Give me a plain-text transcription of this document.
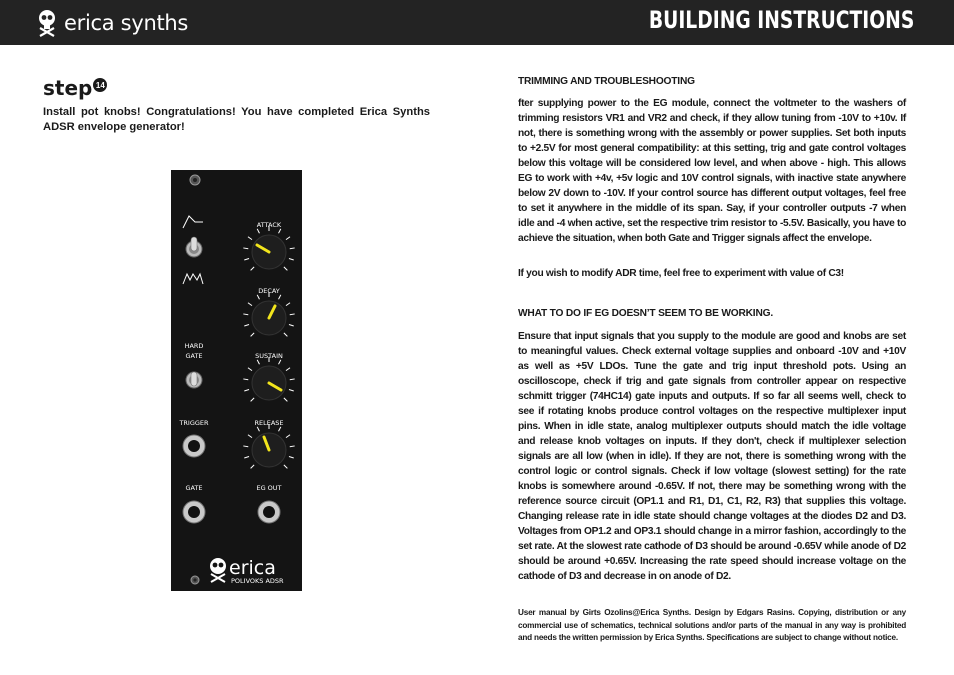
erica synths	BUILDING INSTRUCTIONS
step 14
Install pot knobs! Congratulations! You have completed Erica Synths ADSR envelope generator!
HARD
GATE
TRIGGER
GATE	EG OUT
ATTACK
DECAY
SUSTAIN
RELEASE
erica
POLIVOKS ADSR
TRIMMING AND TROUBLESHOOTING
fter supplying power to the EG module, connect the voltmeter to the washers of trimming resistors VR1 and VR2 and check, if they allow tuning from -10V to +10v. If not, there is something wrong with the assembly or power supplies. Set both inputs to +2.5V for most general compatibility: at this setting, trig and gate control voltages below this voltage will be considered low level, and when above - high. This allows EG to work with +4v, +5v logic and 10V control signals, with inactive state anywhere below 2V down to -10V. If your control source has different output voltages, feel free to set it anywhere in the middle of its span. Say, if your controller outputs -7 when idle and -4 when active, set the respective trim resistor to -5.5V. Basically, you have to achieve the situation, when both Gate and Trigger signals affect the envelope.
If you wish to modify ADR time, feel free to experiment with value of C3!
WHAT TO DO IF EG DOESN’T SEEM TO BE WORKING.
Ensure that input signals that you supply to the module are good and knobs are set to meaningful values. Check external voltage supplies and onboard -10V and +10V as well as +5V LDOs. Tune the gate and trig input threshold pots. Using an oscilloscope, check if trig and gate signals from controller appear on respective schmitt trigger (74HC14) gate inputs and outputs. If so far all seems well, check to see if rotating knobs produce control voltages on the respective multiplexer input pins. When in idle state, analog multiplexer outputs should match the idle voltage and release knob voltages on inputs. If they don't, check if multiplexer selection signals are all low (when in idle). If they are not, there is something wrong with the control logic or control signals. Check if low voltage (slowest setting) for the rate knobs is somewhere around -0.65V. If not, there may be something wrong with the reference source circuit (OP1.1 and R1, D1, C1, R2, R3) that supplies this voltage. Changing release rate in idle state should change voltages at the diodes D2 and D3. Voltages from OP1.2 and OP3.1 should change in a mirror fashion, accordingly to the set rate. At the slowest rate cathode of D3 should be around -0.65V while anode of D2 should be around +0.65V. Increasing the rate speed should increase voltage on the cathode of D3 and decrease in on anode of D2.
User manual by Girts Ozolins@Erica Synths. Design by Edgars Rasins. Copying, distribution or any commercial use of schematics, technical solutions and/or parts of the manual in any way is prohibited and needs the written permission by Erica Synths. Specifications are subject to change without notice.
